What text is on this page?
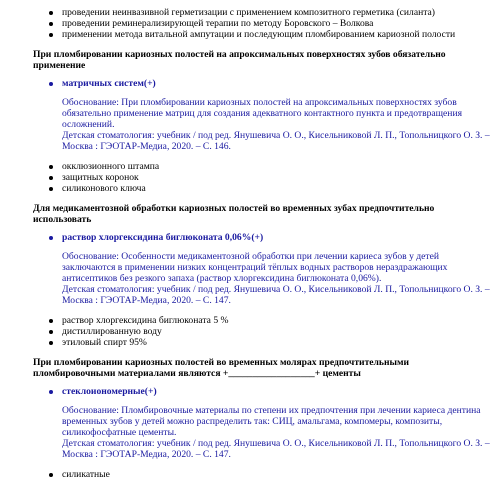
проведении неинвазивной герметизации с применением композитного герметика (силанта)
проведении реминерализирующей терапии по методу Боровского – Волкова
применении метода витальной ампутации и последующим пломбированием кариозной полости
При пломбировании кариозных полостей на апроксимальных поверхностях зубов обязательно применение
матричных систем(+)
Обоснование: При пломбировании кариозных полостей на апроксимальных поверхностях зубов обязательно применение матриц для создания адекватного контактного пункта и предотвращения осложнений.
Детская стоматология: учебник / под ред. Янушевича О. О., Кисельниковой Л. П., Топольницкого О. З. – Москва : ГЭОТАР-Медиа, 2020. – С. 146.
окклюзионного штампа
защитных коронок
силиконового ключа
Для медикаментозной обработки кариозных полостей во временных зубах предпочтительно использовать
раствор хлоргексидина биглюконата 0,06%(+)
Обоснование: Особенности медикаментозной обработки при лечении кариеса зубов у детей заключаются в применении низких концентраций тёплых водных растворов нераздражающих антисептиков без резкого запаха (раствор хлоргексидина биглюконата 0,06%).
Детская стоматология: учебник / под ред. Янушевича О. О., Кисельниковой Л. П., Топольницкого О. З. – Москва : ГЭОТАР-Медиа, 2020. – С. 147.
раствор хлоргексидина биглюконата 5 %
дистиллированную воду
этиловый спирт 95%
При пломбировании кариозных полостей во временных молярах предпочтительными пломбировочными материалами являются +__________________+ цементы
стеклоиономерные(+)
Обоснование: Пломбировочные материалы по степени их предпочтения при лечении кариеса дентина временных зубов у детей можно распределить так: СИЦ, амальгама, компомеры, композиты, силикофосфатные цементы.
Детская стоматология: учебник / под ред. Янушевича О. О., Кисельниковой Л. П., Топольницкого О. З. – Москва : ГЭОТАР-Медиа, 2020. – С. 147.
силикатные
